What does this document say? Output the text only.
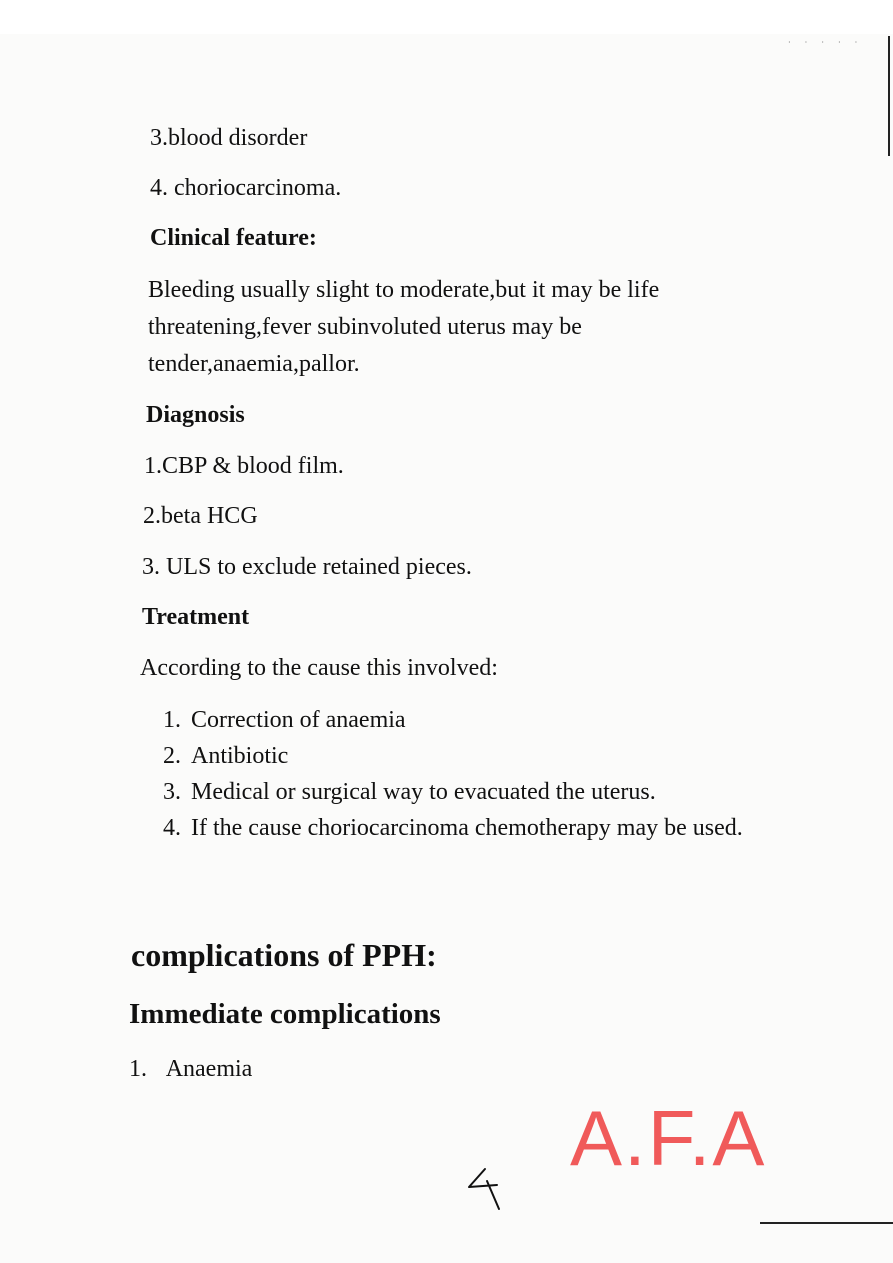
·····
3.blood disorder
4. choriocarcinoma.
Clinical feature:
Bleeding usually slight to moderate,but it may be life
threatening,fever subinvoluted uterus may be
tender,anaemia,pallor.
Diagnosis
1.CBP & blood film.
2.beta HCG
3. ULS to exclude retained pieces.
Treatment
According to the cause this involved:
1. Correction of anaemia
2. Antibiotic
3. Medical or surgical way to evacuated the uterus.
4. If the cause choriocarcinoma chemotherapy may be used.
complications of PPH:
Immediate complications
1. Anaemia
A.F.A
